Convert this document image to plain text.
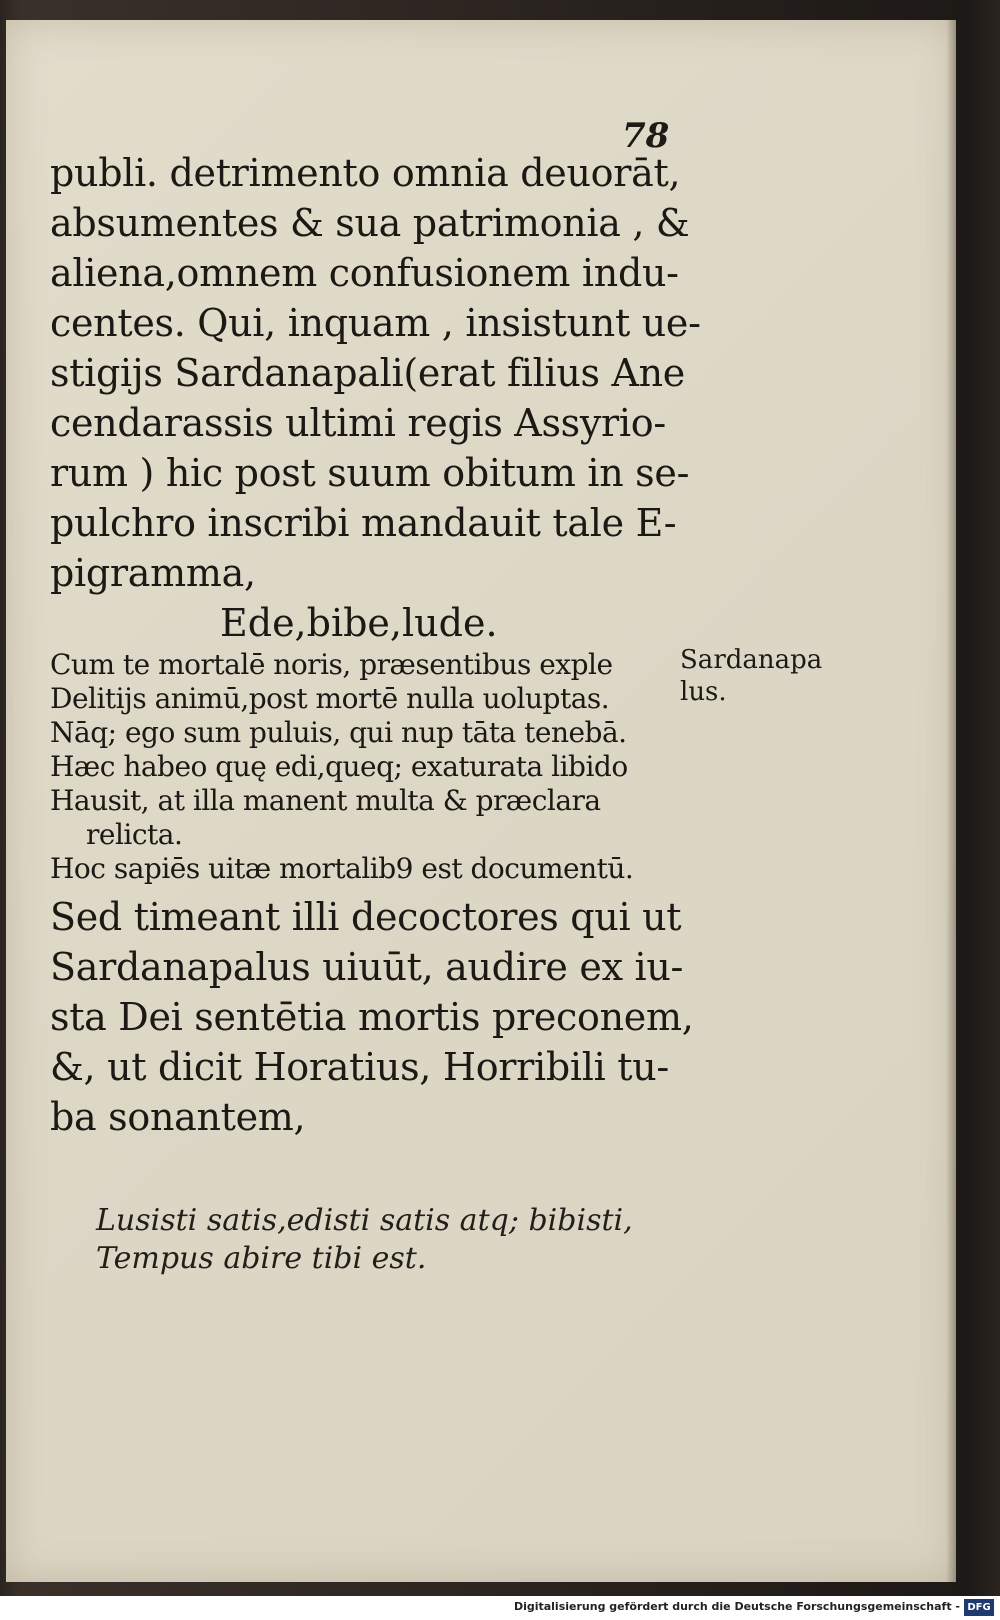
78
publi. detrimento omnia deuorāt,
absumentes & sua patrimonia , &
aliena,omnem confusionem indu-
centes. Qui, inquam , insistunt ue-
stigijs Sardanapali(erat filius Ane
cendarassis ultimi regis Assyrio-
rum ) hic post suum obitum in se-
pulchro inscribi mandauit tale E-
pigramma,
Ede,bibe,lude.
Cum te mortalē noris, præsentibus exple
Delitijs animū,post mortē nulla uoluptas.
Nāq; ego sum puluis, qui nup tāta tenebā.
Hæc habeo quę edi,queq; exaturata libido
Hausit, at illa manent multa & præclara
relicta.
Hoc sapiēs uitæ mortalib9 est documentū.
Sed timeant illi decoctores qui ut
Sardanapalus uiuūt, audire ex iu-
sta Dei sentētia mortis preconem,
&, ut dicit Horatius, Horribili tu-
ba sonantem,
Lusisti satis,edisti satis atq; bibisti,
Tempus abire tibi est.
Sardanapa
lus.
Digitalisierung gefördert durch die Deutsche Forschungsgemeinschaft - DFG
